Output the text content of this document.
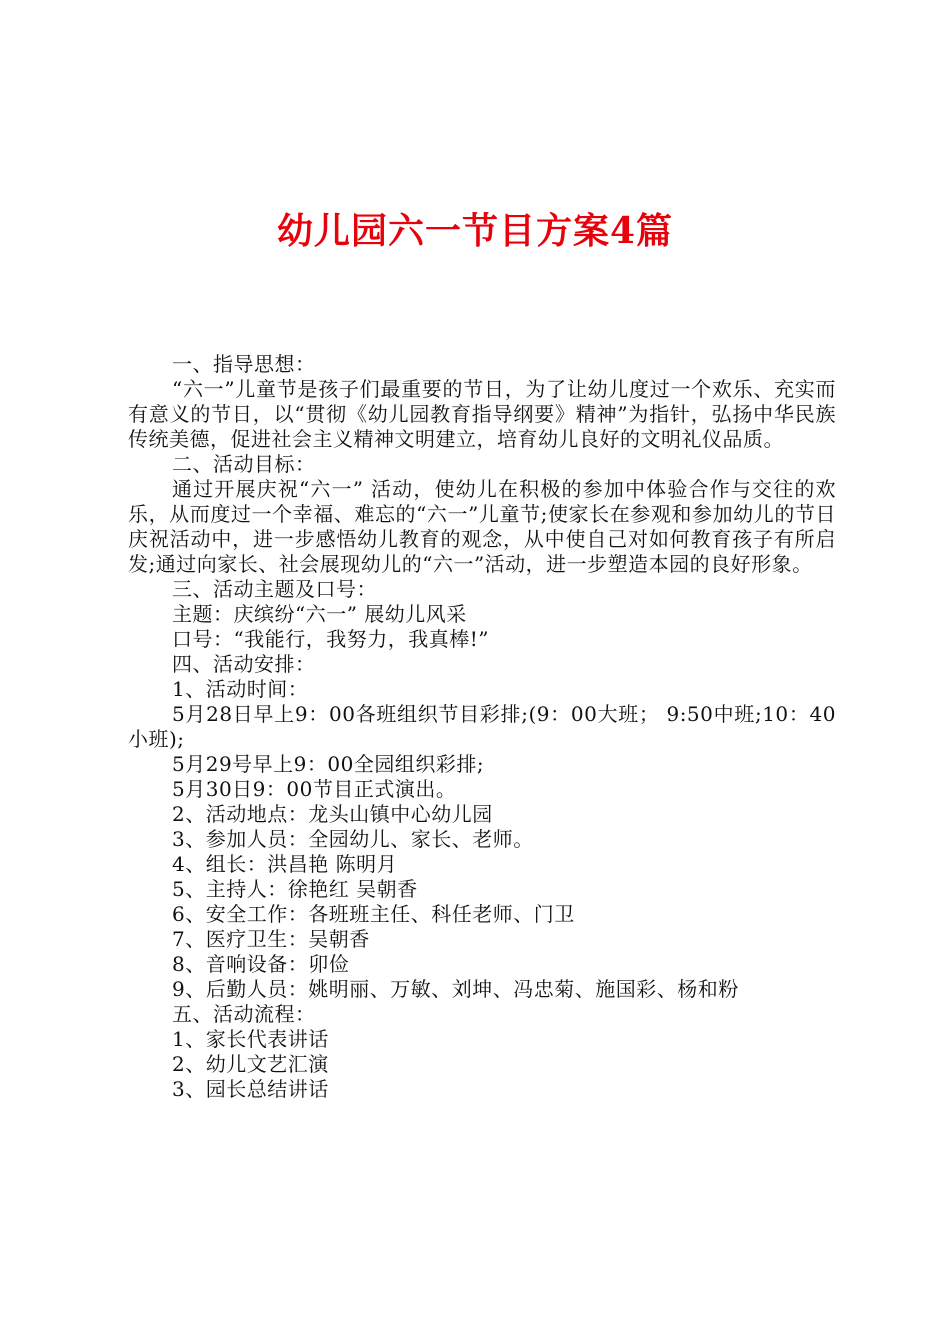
幼儿园六一节目方案4篇

一、指导思想：

“六一”儿童节是孩子们最重要的节日，为了让幼儿度过一个欢乐、充实而有意义的节日，以“贯彻《幼儿园教育指导纲要》精神”为指针，弘扬中华民族传统美德，促进社会主义精神文明建立，培育幼儿良好的文明礼仪品质。

二、活动目标：

通过开展庆祝“六一” 活动，使幼儿在积极的参加中体验合作与交往的欢乐，从而度过一个幸福、难忘的“六一”儿童节;使家长在参观和参加幼儿的节日庆祝活动中，进一步感悟幼儿教育的观念，从中使自己对如何教育孩子有所启发;通过向家长、社会展现幼儿的“六一”活动，进一步塑造本园的良好形象。

三、活动主题及口号：

主题：庆缤纷“六一” 展幼儿风采

口号：“我能行，我努力，我真棒!”

四、活动安排：

1、活动时间：

5月28日早上9：00各班组织节目彩排;(9：00大班； 9:50中班;10：40小班);

5月29号早上9：00全园组织彩排;

5月30日9：00节目正式演出。

2、活动地点：龙头山镇中心幼儿园

3、参加人员：全园幼儿、家长、老师。

4、组长：洪昌艳 陈明月

5、主持人：徐艳红 吴朝香

6、安全工作：各班班主任、科任老师、门卫

7、医疗卫生：吴朝香

8、音响设备：卯俭

9、后勤人员：姚明丽、万敏、刘坤、冯忠菊、施国彩、杨和粉

五、活动流程：

1、家长代表讲话

2、幼儿文艺汇演

3、园长总结讲话
